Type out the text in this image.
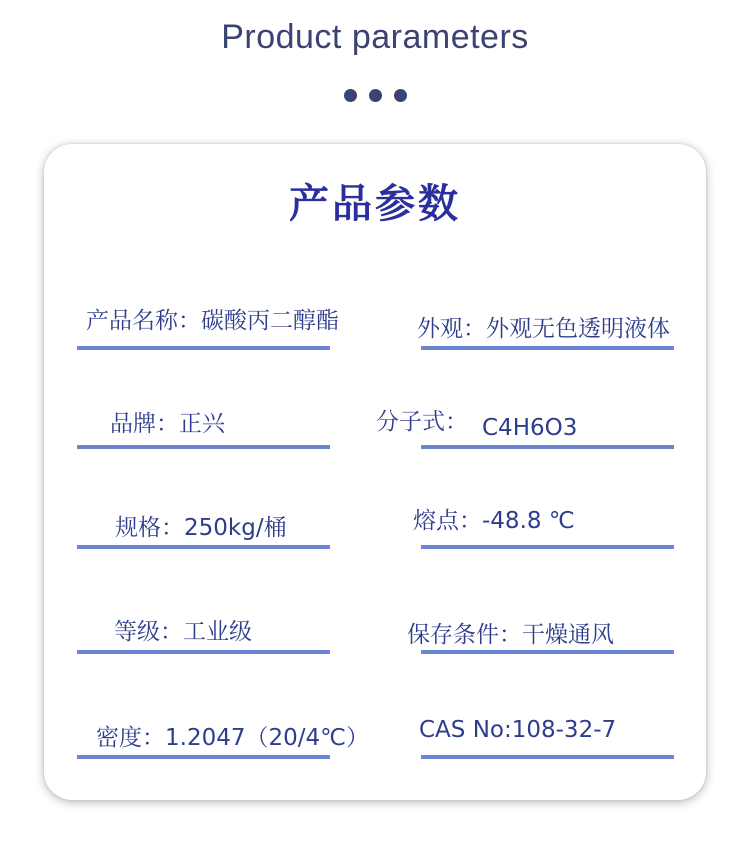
Product parameters
产品参数
产品名称：碳酸丙二醇酯	外观：外观无色透明液体
品牌：正兴	分子式： C4H6O3
规格：250kg/桶	熔点：-48.8 ℃
等级：工业级	保存条件：干燥通风
密度：1.2047（20/4℃） CAS No:108-32-7
